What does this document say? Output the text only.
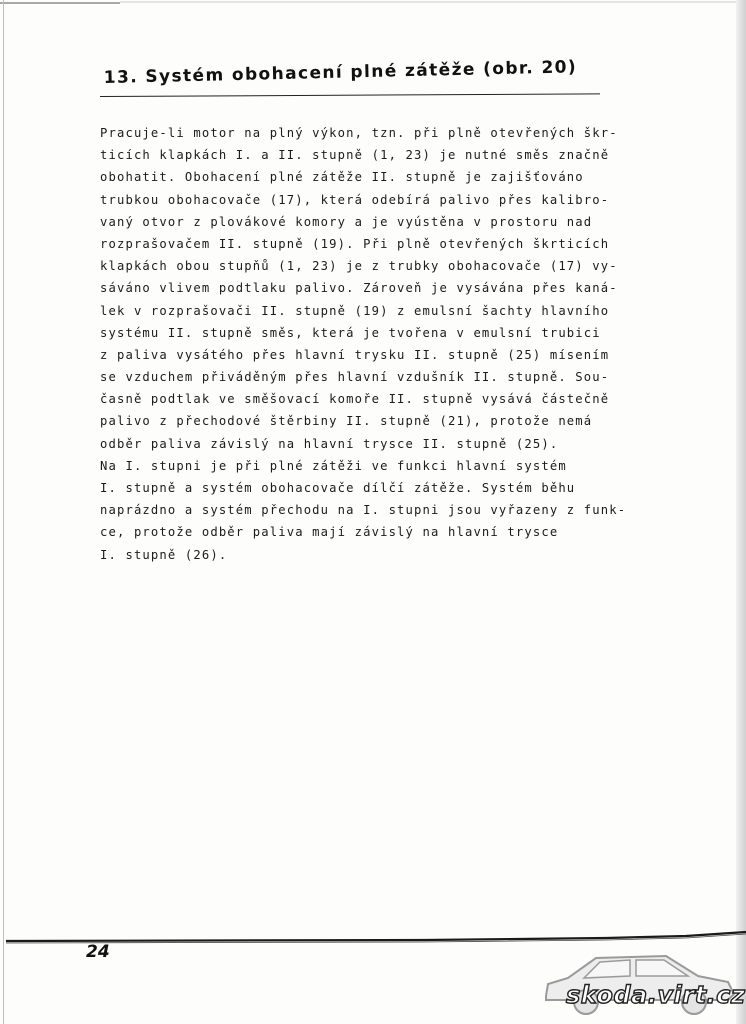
13. Systém obohacení plné zátěže (obr. 20)
Pracuje-li motor na plný výkon, tzn. při plně otevřených škr-
ticích klapkách I. a II. stupně (1, 23) je nutné směs značně
obohatit. Obohacení plné zátěže II. stupně je zajišťováno
trubkou obohacovače (17), která odebírá palivo přes kalibro-
vaný otvor z plovákové komory a je vyústěna v prostoru nad
rozprašovačem II. stupně (19). Při plně otevřených škrticích
klapkách obou stupňů (1, 23) je z trubky obohacovače (17) vy-
sáváno vlivem podtlaku palivo. Zároveň je vysávána přes kaná-
lek v rozprašovači II. stupně (19) z emulsní šachty hlavního
systému II. stupně směs, která je tvořena v emulsní trubici
z paliva vysátého přes hlavní trysku II. stupně (25) mísením
se vzduchem přiváděným přes hlavní vzdušník II. stupně. Sou-
časně podtlak ve směšovací komoře II. stupně vysává částečně
palivo z přechodové štěrbiny II. stupně (21), protože nemá
odběr paliva závislý na hlavní trysce II. stupně (25).
Na I. stupni je při plné zátěži ve funkci hlavní systém
I. stupně a systém obohacovače dílčí zátěže. Systém běhu
naprázdno a systém přechodu na I. stupni jsou vyřazeny z funk-
ce, protože odběr paliva mají závislý na hlavní trysce
I. stupně (26).
24
skoda.virt.cz
